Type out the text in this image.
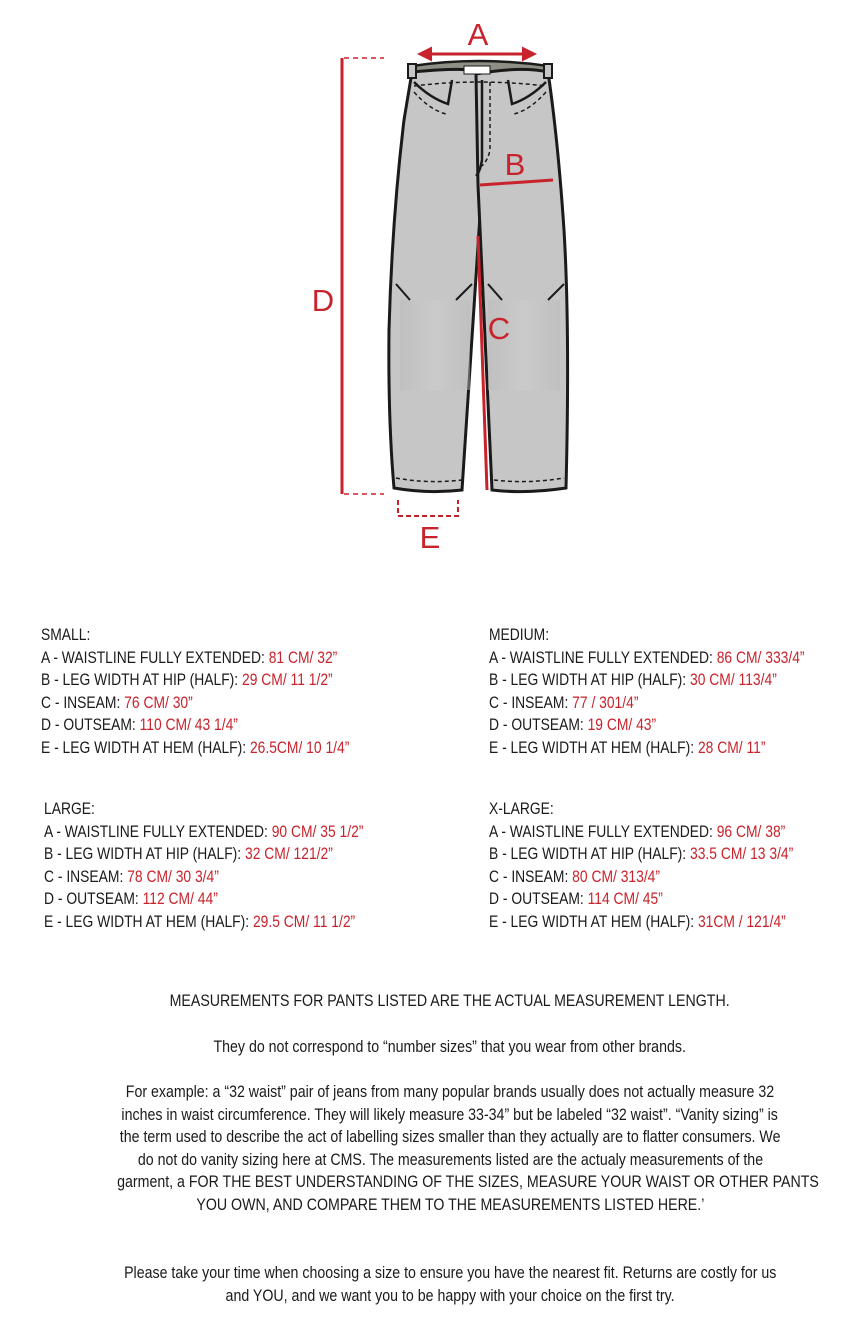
A
B
C
D
E
SMALL:
A - WAISTLINE FULLY EXTENDED: 81 CM/ 32”
B - LEG WIDTH AT HIP (HALF): 29 CM/ 11 1/2”
C - INSEAM: 76 CM/ 30”
D - OUTSEAM: 110 CM/ 43 1/4”
E - LEG WIDTH AT HEM (HALF): 26.5CM/ 10 1/4”
MEDIUM:
A - WAISTLINE FULLY EXTENDED: 86 CM/ 333/4”
B - LEG WIDTH AT HIP (HALF): 30 CM/ 113/4”
C - INSEAM: 77 / 301/4”
D - OUTSEAM: 19 CM/ 43”
E - LEG WIDTH AT HEM (HALF): 28 CM/ 11”
LARGE:
A - WAISTLINE FULLY EXTENDED: 90 CM/ 35 1/2”
B - LEG WIDTH AT HIP (HALF): 32 CM/ 121/2”
C - INSEAM: 78 CM/ 30 3/4”
D - OUTSEAM: 112 CM/ 44”
E - LEG WIDTH AT HEM (HALF): 29.5 CM/ 11 1/2”
X-LARGE:
A - WAISTLINE FULLY EXTENDED: 96 CM/ 38”
B - LEG WIDTH AT HIP (HALF): 33.5 CM/ 13 3/4”
C - INSEAM: 80 CM/ 313/4”
D - OUTSEAM: 114 CM/ 45”
E - LEG WIDTH AT HEM (HALF): 31CM / 121/4”

MEASUREMENTS FOR PANTS LISTED ARE THE ACTUAL MEASUREMENT LENGTH.

They do not correspond to “number sizes” that you wear from other brands.

For example: a “32 waist” pair of jeans from many popular brands usually does not actually measure 32

inches in waist circumference. They will likely measure 33-34” but be labeled “32 waist”. “Vanity sizing” is

the term used to describe the act of labelling sizes smaller than they actually are to flatter consumers. We

do not do vanity sizing here at CMS. The measurements listed are the actualy measurements of the

garment, a FOR THE BEST UNDERSTANDING OF THE SIZES, MEASURE YOUR WAIST OR OTHER PANTS

YOU OWN, AND COMPARE THEM TO THE MEASUREMENTS LISTED HERE.’

Please take your time when choosing a size to ensure you have the nearest fit. Returns are costly for us

and YOU, and we want you to be happy with your choice on the first try.
